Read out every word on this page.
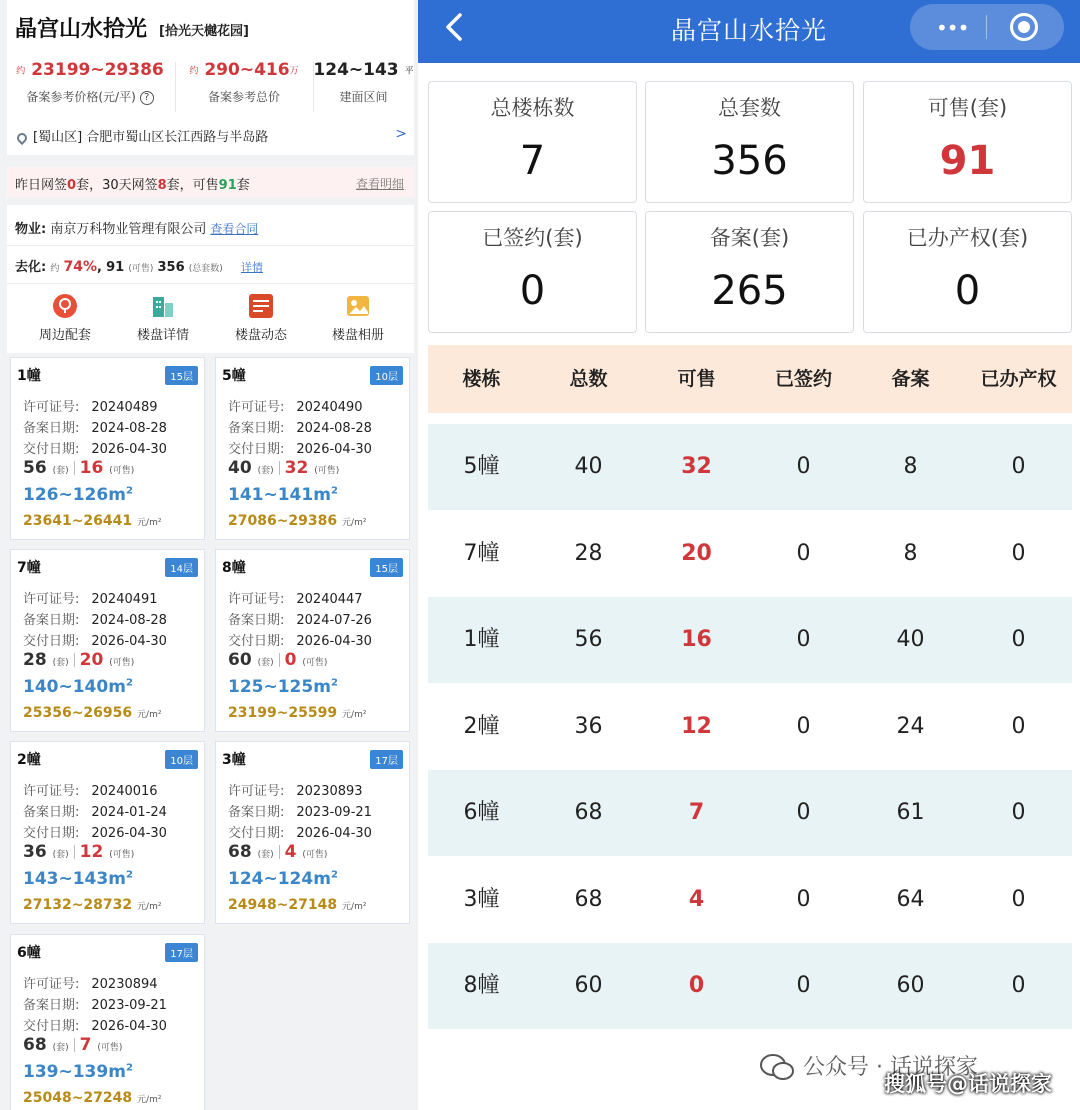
晶宫山水拾光 [拾光天樾花园]
约 23199~29386
备案参考价格(元/平) ?
约 290~416万
备案参考总价
124~143 平
建面区间
[蜀山区] 合肥市蜀山区长江西路与半岛路	>
昨日网签0套，30天网签8套，可售91套	查看明细
物业: 南京万科物业管理有限公司 查看合同
去化: 约 74%, 91 (可售) 356 (总套数) 详情
周边配套	楼盘详情	楼盘动态	楼盘相册
1幢	15层
许可证号: 20240489
备案日期: 2024-08-28
交付日期: 2026-04-30
56 (套) 16 (可售)
$126\sim 126m^2$
23641~26441 元/m²
5幢	10层
许可证号: 20240490
备案日期: 2024-08-28
交付日期: 2026-04-30
40 (套) 32 (可售)
$141\sim 141m^2$
27086~29386 元/m²
7幢	14层
许可证号: 20240491
备案日期: 2024-08-28
交付日期: 2026-04-30
28 (套) 20 (可售)
$140\sim 140m^2$
25356~26956 元/m²
8幢	15层
许可证号: 20240447
备案日期: 2024-07-26
交付日期: 2026-04-30
60 (套) 0 (可售)
$125\sim 125m^2$
23199~25599 元/m²
2幢	10层
许可证号: 20240016
备案日期: 2024-01-24
交付日期: 2026-04-30
36 (套) 12 (可售)
$143\sim 143m^2$
27132~28732 元/m²
3幢	17层
许可证号: 20230893
备案日期: 2023-09-21
交付日期: 2026-04-30
68 (套) 4 (可售)
$124\sim 124m^2$
24948~27148 元/m²
6幢	17层
许可证号: 20230894
备案日期: 2023-09-21
交付日期: 2026-04-30
68 (套) 7 (可售)
$139\sim 139m^2$
25048~27248 元/m²
晶宫山水拾光	•••
总楼栋数
7
总套数
356
可售(套)
91
已签约(套)
0
备案(套)
265
已办产权(套)
0
楼栋	总数	可售	已签约	备案	已办产权
5幢	40	32	0	8	0
7幢	28	20	0	8	0
1幢	56	16	0	40	0
2幢	36	12	0	24	0
6幢	68	7	0	61	0
3幢	68	4	0	64	0
8幢	60	0	0	60	0
公众号 · 话说探家
搜狐号@话说探家
